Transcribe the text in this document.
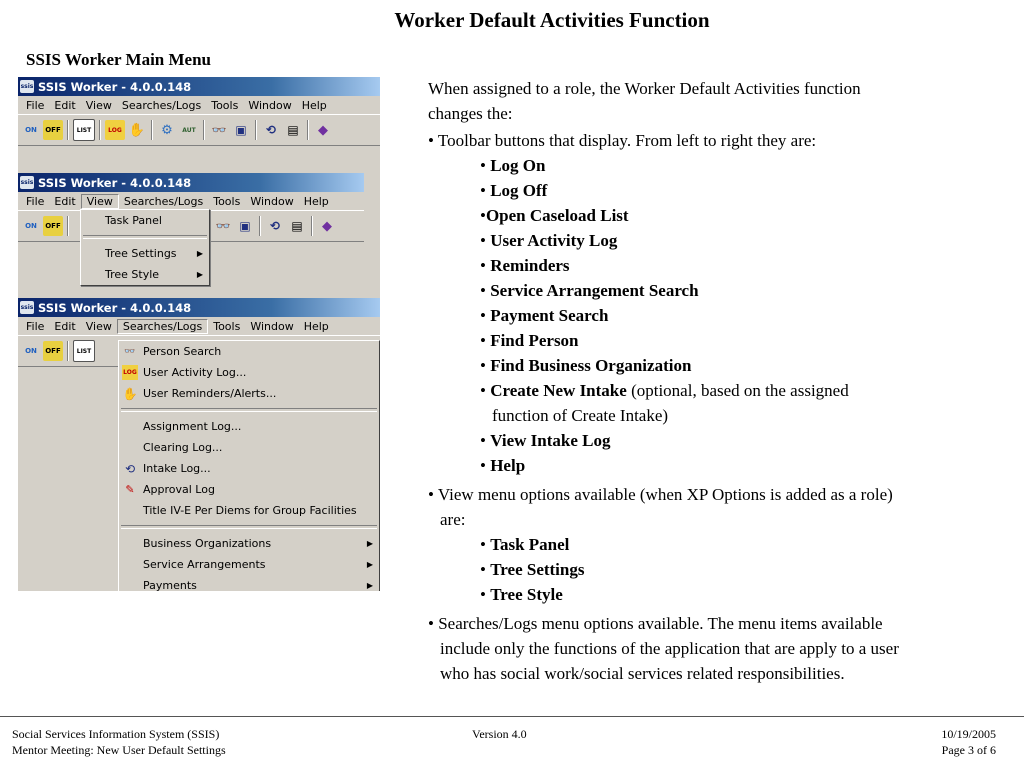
Worker Default Activities Function
SSIS Worker Main Menu
ssis SSIS Worker - 4.0.0.148
File Edit View Searches/Logs Tools Window Help
ON	OFF	LIST	LOG ✋	⚙	AUT 👓 ▣	⟲ ▤	◆
ssis SSIS Worker - 4.0.0.148
File Edit	View	Searches/Logs Tools Window Help
ON	OFF	👓 ▣	⟲ ▤	◆
Task Panel
Tree Settings	▶
Tree Style	▶
ssis SSIS Worker - 4.0.0.148
File Edit View	Searches/Logs	Tools Window Help
ON	OFF	LIST	👓 Person Search
LOG User Activity Log...
✋ User Reminders/Alerts...
Assignment Log...
Clearing Log...
⟲ Intake Log...
✎ Approval Log
Title IV-E Per Diems for Group Facilities
Business Organizations	▶
Service Arrangements	▶
Payments	▶

When assigned to a role, the Worker Default Activities function

changes the:

• Toolbar buttons that display. From left to right they are:

• Log On

• Log Off

•Open Caseload List

• User Activity Log

• Reminders

• Service Arrangement Search

• Payment Search

• Find Person

• Find Business Organization

• Create New Intake (optional, based on the assigned

function of Create Intake)

• View Intake Log

• Help

• View menu options available (when XP Options is added as a role)

are:

• Task Panel

• Tree Settings

• Tree Style

• Searches/Logs menu options available. The menu items available

include only the functions of the application that are apply to a user

who has social work/social services related responsibilities.

Social Services Information System (SSIS)
Mentor Meeting: New User Default Settings
Version 4.0	10/19/2005
Page 3 of 6
